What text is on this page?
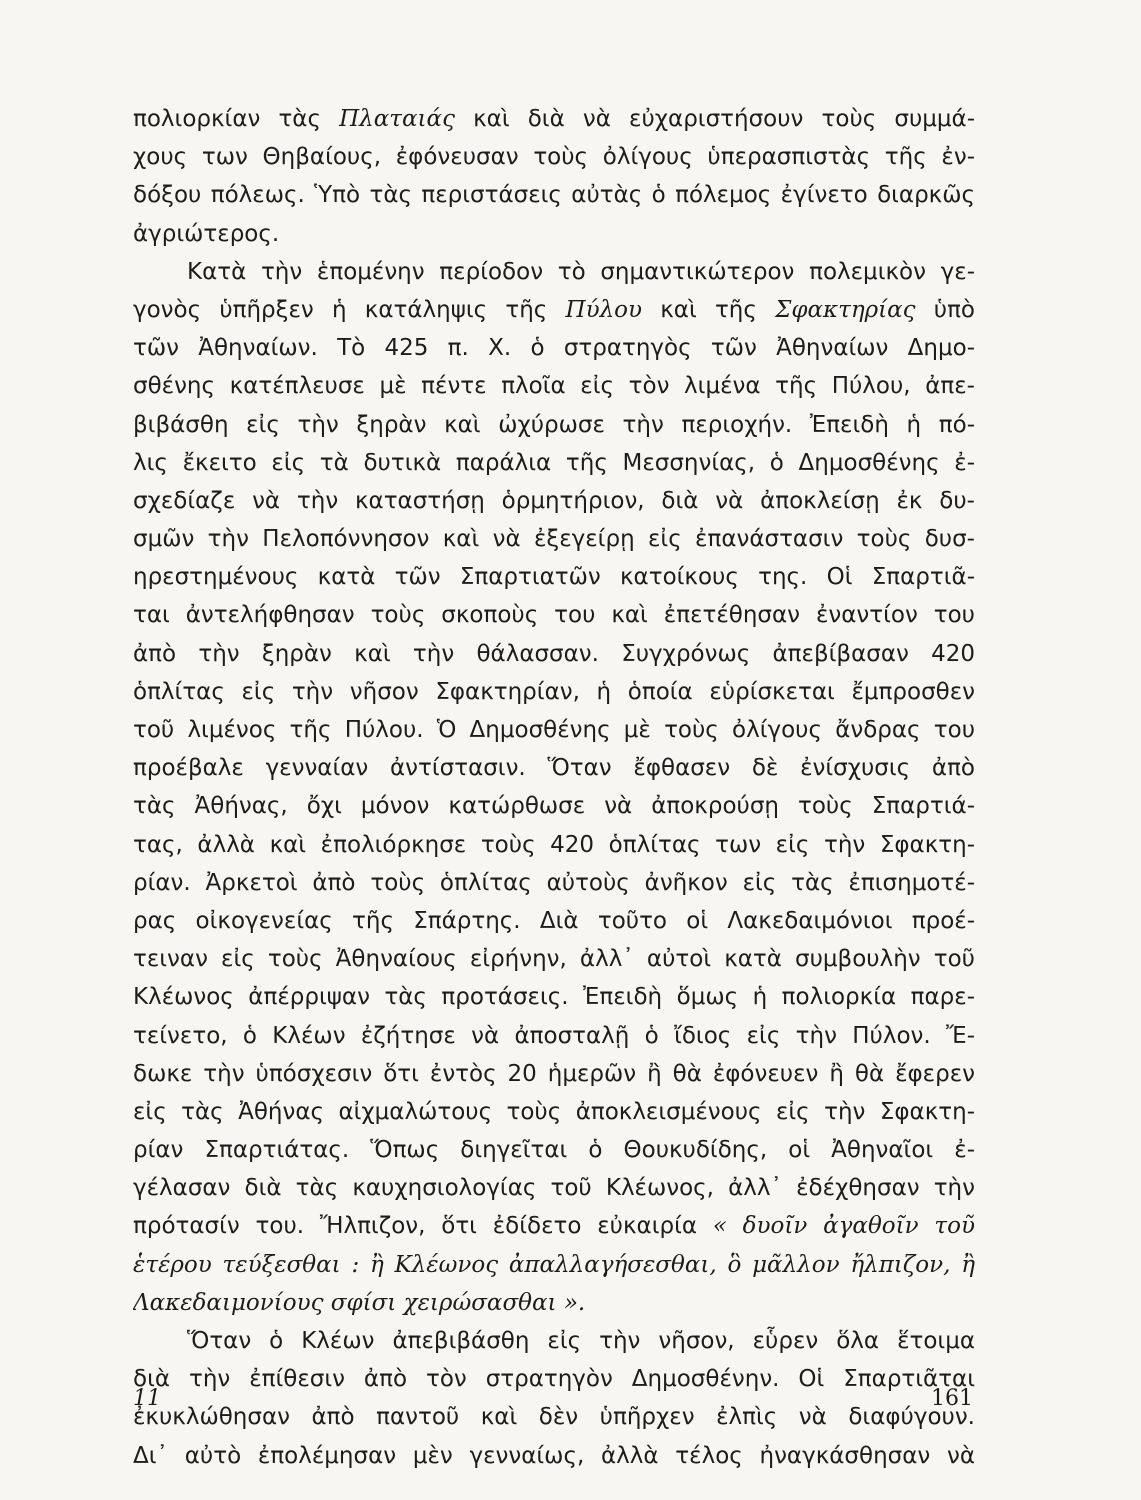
πολιορκίαν τὰς Πλαταιάς καὶ διὰ νὰ εὐχαριστήσουν τοὺς συμμά-
χους των Θηβαίους, ἐφόνευσαν τοὺς ὀλίγους ὑπερασπιστὰς τῆς ἐν-
δόξου πόλεως. Ὑπὸ τὰς περιστάσεις αὐτὰς ὁ πόλεμος ἐγίνετο διαρκῶς
ἀγριώτερος.
Κατὰ τὴν ἑπομένην περίοδον τὸ σημαντικώτερον πολεμικὸν γε-
γονὸς ὑπῆρξεν ἡ κατάληψις τῆς Πύλου καὶ τῆς Σφακτηρίας ὑπὸ
τῶν Ἀθηναίων. Τὸ 425 π. Χ. ὁ στρατηγὸς τῶν Ἀθηναίων Δημο-
σθένης κατέπλευσε μὲ πέντε πλοῖα εἰς τὸν λιμένα τῆς Πύλου, ἀπε-
βιβάσθη εἰς τὴν ξηρὰν καὶ ὠχύρωσε τὴν περιοχήν. Ἐπειδὴ ἡ πό-
λις ἔκειτο εἰς τὰ δυτικὰ παράλια τῆς Μεσσηνίας, ὁ Δημοσθένης ἐ-
σχεδίαζε νὰ τὴν καταστήσῃ ὁρμητήριον, διὰ νὰ ἀποκλείσῃ ἐκ δυ-
σμῶν τὴν Πελοπόννησον καὶ νὰ ἐξεγείρῃ εἰς ἐπανάστασιν τοὺς δυσ-
ηρεστημένους κατὰ τῶν Σπαρτιατῶν κατοίκους της. Οἱ Σπαρτιᾶ-
ται ἀντελήφθησαν τοὺς σκοποὺς του καὶ ἐπετέθησαν ἐναντίον του
ἀπὸ τὴν ξηρὰν καὶ τὴν θάλασσαν. Συγχρόνως ἀπεβίβασαν 420
ὁπλίτας εἰς τὴν νῆσον Σφακτηρίαν, ἡ ὁποία εὑρίσκεται ἔμπροσθεν
τοῦ λιμένος τῆς Πύλου. Ὁ Δημοσθένης μὲ τοὺς ὀλίγους ἄνδρας του
προέβαλε γενναίαν ἀντίστασιν. Ὅταν ἔφθασεν δὲ ἐνίσχυσις ἀπὸ
τὰς Ἀθήνας, ὄχι μόνον κατώρθωσε νὰ ἀποκρούσῃ τοὺς Σπαρτιά-
τας, ἀλλὰ καὶ ἐπολιόρκησε τοὺς 420 ὁπλίτας των εἰς τὴν Σφακτη-
ρίαν. Ἀρκετοὶ ἀπὸ τοὺς ὁπλίτας αὐτοὺς ἀνῆκον εἰς τὰς ἐπισημοτέ-
ρας οἰκογενείας τῆς Σπάρτης. Διὰ τοῦτο οἱ Λακεδαιμόνιοι προέ-
τειναν εἰς τοὺς Ἀθηναίους εἰρήνην, ἀλλ᾽ αὐτοὶ κατὰ συμβουλὴν τοῦ
Κλέωνος ἀπέρριψαν τὰς προτάσεις. Ἐπειδὴ ὅμως ἡ πολιορκία παρε-
τείνετο, ὁ Κλέων ἐζήτησε νὰ ἀποσταλῇ ὁ ἴδιος εἰς τὴν Πύλον. Ἔ-
δωκε τὴν ὑπόσχεσιν ὅτι ἐντὸς 20 ἡμερῶν ἢ θὰ ἐφόνευεν ἢ θὰ ἔφερεν
εἰς τὰς Ἀθήνας αἰχμαλώτους τοὺς ἀποκλεισμένους εἰς τὴν Σφακτη-
ρίαν Σπαρτιάτας. Ὅπως διηγεῖται ὁ Θουκυδίδης, οἱ Ἀθηναῖοι ἐ-
γέλασαν διὰ τὰς καυχησιολογίας τοῦ Κλέωνος, ἀλλ᾽ ἐδέχθησαν τὴν
πρότασίν του. Ἤλπιζον, ὅτι ἐδίδετο εὐκαιρία « δυοῖν ἀγαθοῖν τοῦ
ἑτέρου τεύξεσθαι : ἢ Κλέωνος ἀπαλλαγήσεσθαι, ὃ μᾶλλον ἤλπιζον, ἢ
Λακεδαιμονίους σφίσι χειρώσασθαι ».
Ὅταν ὁ Κλέων ἀπεβιβάσθη εἰς τὴν νῆσον, εὗρεν ὅλα ἕτοιμα
διὰ τὴν ἐπίθεσιν ἀπὸ τὸν στρατηγὸν Δημοσθένην. Οἱ Σπαρτιᾶται
ἐκυκλώθησαν ἀπὸ παντοῦ καὶ δὲν ὑπῆρχεν ἐλπὶς νὰ διαφύγουν.
Δι᾽ αὐτὸ ἐπολέμησαν μὲν γενναίως, ἀλλὰ τέλος ἠναγκάσθησαν νὰ
11	161
